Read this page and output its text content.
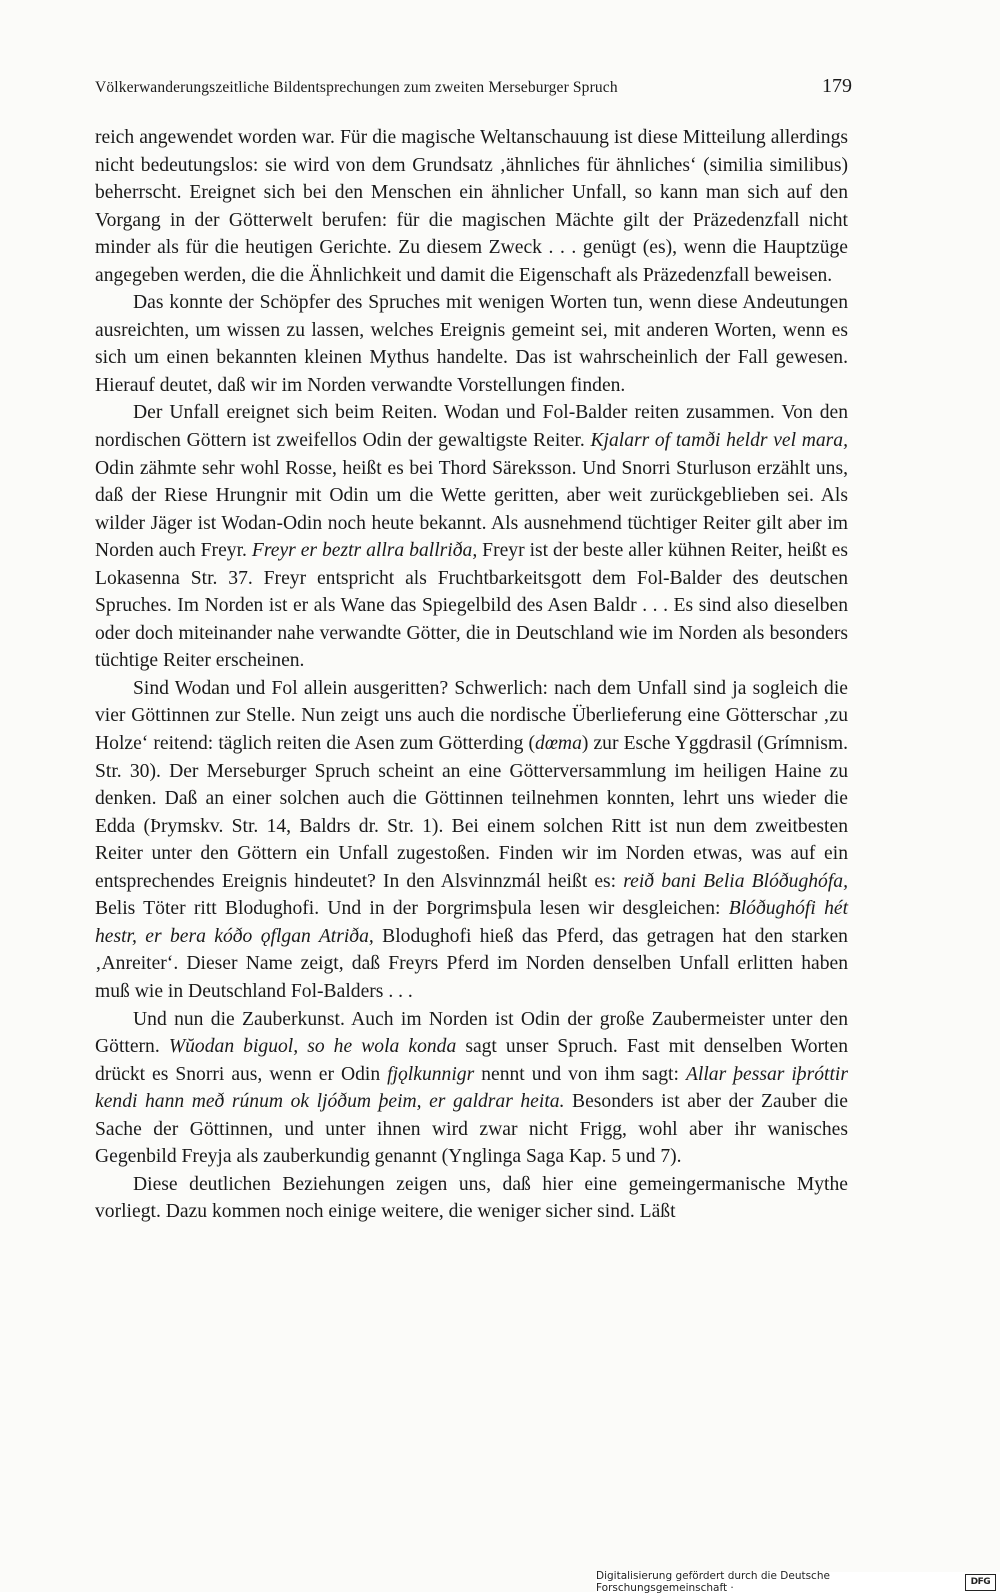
Völkerwanderungszeitliche Bildentsprechungen zum zweiten Merseburger Spruch	179

reich angewendet worden war. Für die magische Weltanschauung ist diese Mitteilung allerdings nicht bedeutungslos: sie wird von dem Grundsatz ‚ähnliches für ähnliches‘ (similia similibus) beherrscht. Ereignet sich bei den Menschen ein ähnlicher Unfall, so kann man sich auf den Vorgang in der Götterwelt berufen: für die magischen Mächte gilt der Präzedenzfall nicht minder als für die heutigen Gerichte. Zu diesem Zweck . . . genügt (es), wenn die Hauptzüge angegeben werden, die die Ähnlichkeit und damit die Eigenschaft als Präzedenzfall beweisen.

Das konnte der Schöpfer des Spruches mit wenigen Worten tun, wenn diese Andeutungen ausreichten, um wissen zu lassen, welches Ereignis gemeint sei, mit anderen Worten, wenn es sich um einen bekannten kleinen Mythus handelte. Das ist wahrscheinlich der Fall gewesen. Hierauf deutet, daß wir im Norden verwandte Vorstellungen finden.

Der Unfall ereignet sich beim Reiten. Wodan und Fol-Balder reiten zusammen. Von den nordischen Göttern ist zweifellos Odin der gewaltigste Reiter. Kjalarr of tamði heldr vel mara, Odin zähmte sehr wohl Rosse, heißt es bei Thord Säreksson. Und Snorri Sturluson erzählt uns, daß der Riese Hrungnir mit Odin um die Wette geritten, aber weit zurückgeblieben sei. Als wilder Jäger ist Wodan-Odin noch heute bekannt. Als ausnehmend tüchtiger Reiter gilt aber im Norden auch Freyr. Freyr er beztr allra ballriða, Freyr ist der beste aller kühnen Reiter, heißt es Lokasenna Str. 37. Freyr entspricht als Fruchtbarkeitsgott dem Fol-Balder des deutschen Spruches. Im Norden ist er als Wane das Spiegelbild des Asen Baldr . . . Es sind also dieselben oder doch miteinander nahe verwandte Götter, die in Deutschland wie im Norden als besonders tüchtige Reiter erscheinen.

Sind Wodan und Fol allein ausgeritten? Schwerlich: nach dem Unfall sind ja sogleich die vier Göttinnen zur Stelle. Nun zeigt uns auch die nordische Überlieferung eine Götterschar ‚zu Holze‘ reitend: täglich reiten die Asen zum Götterding (dœma) zur Esche Yggdrasil (Grímnism. Str. 30). Der Merseburger Spruch scheint an eine Götterversammlung im heiligen Haine zu denken. Daß an einer solchen auch die Göttinnen teilnehmen konnten, lehrt uns wieder die Edda (Þrymskv. Str. 14, Baldrs dr. Str. 1). Bei einem solchen Ritt ist nun dem zweitbesten Reiter unter den Göttern ein Unfall zugestoßen. Finden wir im Norden etwas, was auf ein entsprechendes Ereignis hindeutet? In den Alsvinnzmál heißt es: reið bani Belia Blóðughófa, Belis Töter ritt Blodughofi. Und in der Þorgrimsþula lesen wir desgleichen: Blóðughófi hét hestr, er bera kóðo ǫflgan Atriða, Blodughofi hieß das Pferd, das getragen hat den starken ‚Anreiter‘. Dieser Name zeigt, daß Freyrs Pferd im Norden denselben Unfall erlitten haben muß wie in Deutschland Fol-Balders . . .

Und nun die Zauberkunst. Auch im Norden ist Odin der große Zaubermeister unter den Göttern. Wŭodan biguol, so he wola konda sagt unser Spruch. Fast mit denselben Worten drückt es Snorri aus, wenn er Odin fjǫlkunnigr nennt und von ihm sagt: Allar þessar iþróttir kendi hann með rúnum ok ljóðum þeim, er galdrar heita. Besonders ist aber der Zauber die Sache der Göttinnen, und unter ihnen wird zwar nicht Frigg, wohl aber ihr wanisches Gegenbild Freyja als zauberkundig genannt (Ynglinga Saga Kap. 5 und 7).

Diese deutlichen Beziehungen zeigen uns, daß hier eine gemeingermanische Mythe vorliegt. Dazu kommen noch einige weitere, die weniger sicher sind. Läßt

Digitalisierung gefördert durch die Deutsche Forschungsgemeinschaft ·	DFG
